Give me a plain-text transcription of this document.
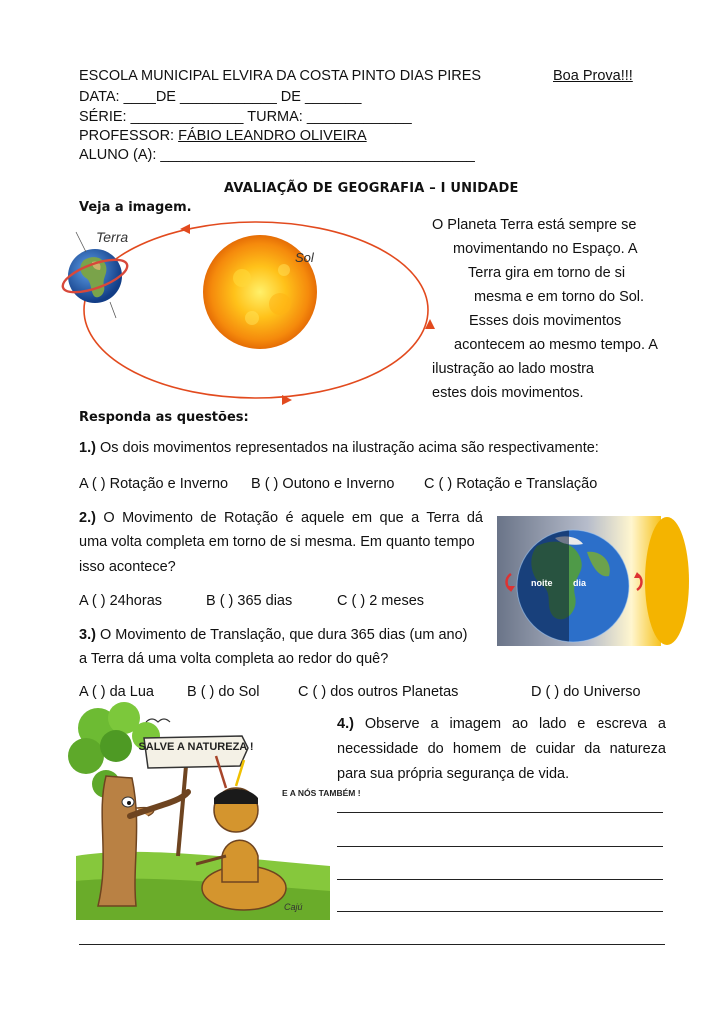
ESCOLA MUNICIPAL ELVIRA DA COSTA PINTO DIAS PIRES	Boa Prova!!!
DATA: ____DE ____________ DE _______
SÉRIE: ______________ TURMA: _____________
PROFESSOR: FÁBIO LEANDRO OLIVEIRA
ALUNO (A): _______________________________________
AVALIAÇÃO DE GEOGRAFIA – I UNIDADE
Veja a imagem.
Terra
Sol
O Planeta Terra está sempre se
movimentando no Espaço. A
Terra gira em torno de si
mesma e em torno do Sol.
Esses dois movimentos
acontecem ao mesmo tempo. A
ilustração ao lado mostra
estes dois movimentos.
Responda as questões:
1.) Os dois movimentos representados na ilustração acima são respectivamente:
A ( ) Rotação e Inverno B ( ) Outono e Inverno C ( ) Rotação e Translação
2.) O Movimento de Rotação é aquele em que a Terra dá
uma volta completa em torno de si mesma. Em quanto tempo
isso acontece?
A ( ) 24horas	B ( ) 365 dias	C ( ) 2 meses
noite dia
3.) O Movimento de Translação, que dura 365 dias (um ano)
a Terra dá uma volta completa ao redor do quê?
A ( ) da Lua B ( ) do Sol	C ( ) dos outros Planetas	D ( ) do Universo
SALVE A NATUREZA !
E A NÓS TAMBÉM !
Cajú
4.) Observe a imagem ao lado e escreva a
necessidade do homem de cuidar da natureza
para sua própria segurança de vida.
